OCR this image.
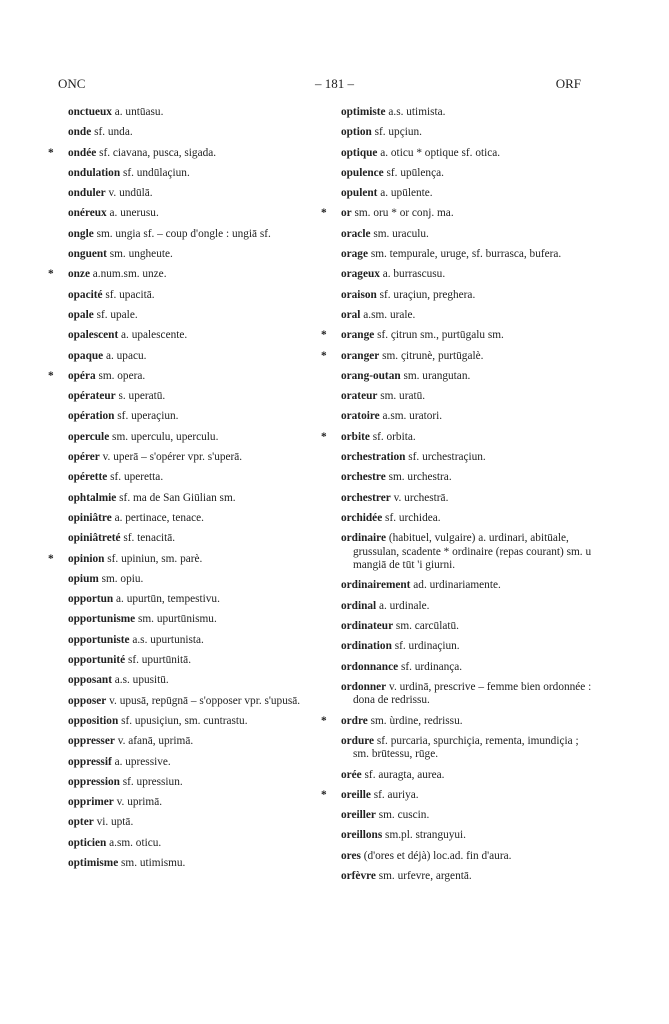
ONC	– 181 –	ORF
onctueux a. untūasu.
onde sf. unda.
* ondée sf. ciavana, pusca, sigada.
ondulation sf. undūlaçiun.
onduler v. undūlā.
onéreux a. unerusu.
ongle sm. ungia sf. – coup d'ongle : ungiā sf.
onguent sm. ungheute.
* onze a.num.sm. unze.
opacité sf. upacitā.
opale sf. upale.
opalescent a. upalescente.
opaque a. upacu.
* opéra sm. opera.
opérateur s. uperatū.
opération sf. uperaçiun.
opercule sm. uperculu, uperculu.
opérer v. uperā – s'opérer vpr. s'uperā.
opérette sf. uperetta.
ophtalmie sf. ma de San Giūlian sm.
opiniâtre a. pertinace, tenace.
opiniâtreté sf. tenacitā.
* opinion sf. upiniun, sm. parè.
opium sm. opiu.
opportun a. upurtūn, tempestivu.
opportunisme sm. upurtūnismu.
opportuniste a.s. upurtunista.
opportunité sf. upurtūnitā.
opposant a.s. upusitū.
opposer v. upusā, repūgnā – s'opposer vpr. s'upusā.
opposition sf. upusiçiun, sm. cuntrastu.
oppresser v. afanā, uprimā.
oppressif a. upressive.
oppression sf. upressiun.
opprimer v. uprimā.
opter vi. uptā.
opticien a.sm. oticu.
optimisme sm. utimismu.
optimiste a.s. utimista.
option sf. upçiun.
optique a. oticu * optique sf. otica.
opulence sf. upūlença.
opulent a. upūlente.
* or sm. oru * or conj. ma.
oracle sm. uraculu.
orage sm. tempurale, uruge, sf. burrasca, bufera.
orageux a. burrascusu.
oraison sf. uraçiun, preghera.
oral a.sm. urale.
* orange sf. çitrun sm., purtūgalu sm.
* oranger sm. çitrunè, purtūgalè.
orang-outan sm. urangutan.
orateur sm. uratū.
oratoire a.sm. uratori.
* orbite sf. orbita.
orchestration sf. urchestraçiun.
orchestre sm. urchestra.
orchestrer v. urchestrā.
orchidée sf. urchidea.
ordinaire (habituel, vulgaire) a. urdinari, abitūale, grussulan, scadente * ordinaire (repas courant) sm. u mangiā de tūt 'i giurni.
ordinairement ad. urdinariamente.
ordinal a. urdinale.
ordinateur sm. carcūlatū.
ordination sf. urdinaçiun.
ordonnance sf. urdinança.
ordonner v. urdinā, prescrive – femme bien ordonnée : dona de redrissu.
* ordre sm. ùrdine, redrissu.
ordure sf. purcaria, spurchiçia, rementa, imundiçia ; sm. brūtessu, rūge.
orée sf. auragta, aurea.
* oreille sf. auriya.
oreiller sm. cuscin.
oreillons sm.pl. stranguyui.
ores (d'ores et déjà) loc.ad. fin d'aura.
orfèvre sm. urfevre, argentā.
